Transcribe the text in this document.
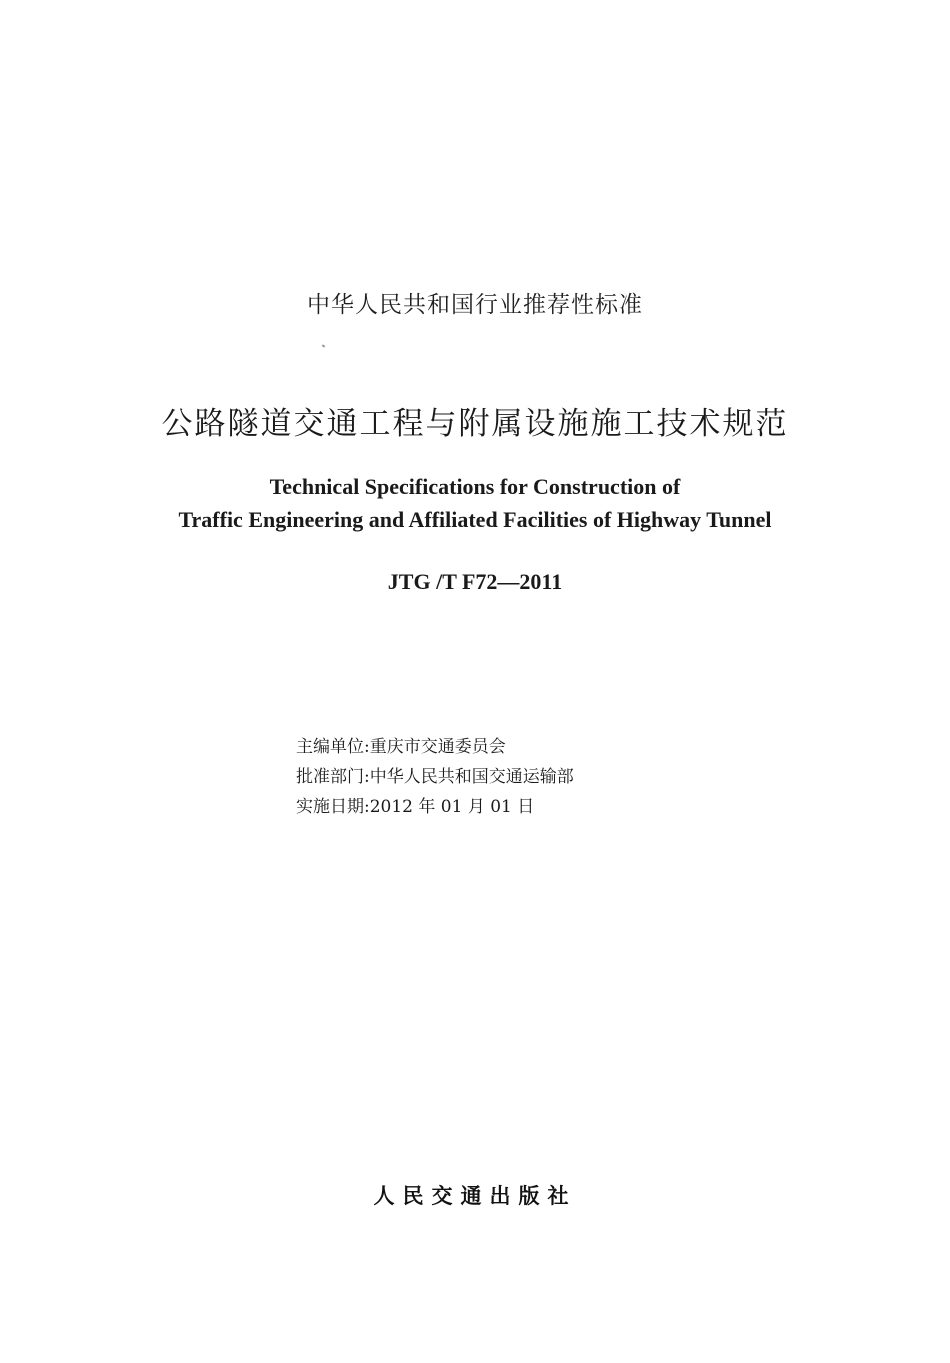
中华人民共和国行业推荐性标准
公路隧道交通工程与附属设施施工技术规范
Technical Specifications for Construction of
Traffic Engineering and Affiliated Facilities of Highway Tunnel
JTG /T F72—2011
主编单位:重庆市交通委员会
批准部门:中华人民共和国交通运输部
实施日期:2012 年 01 月 01 日
人民交通出版社
